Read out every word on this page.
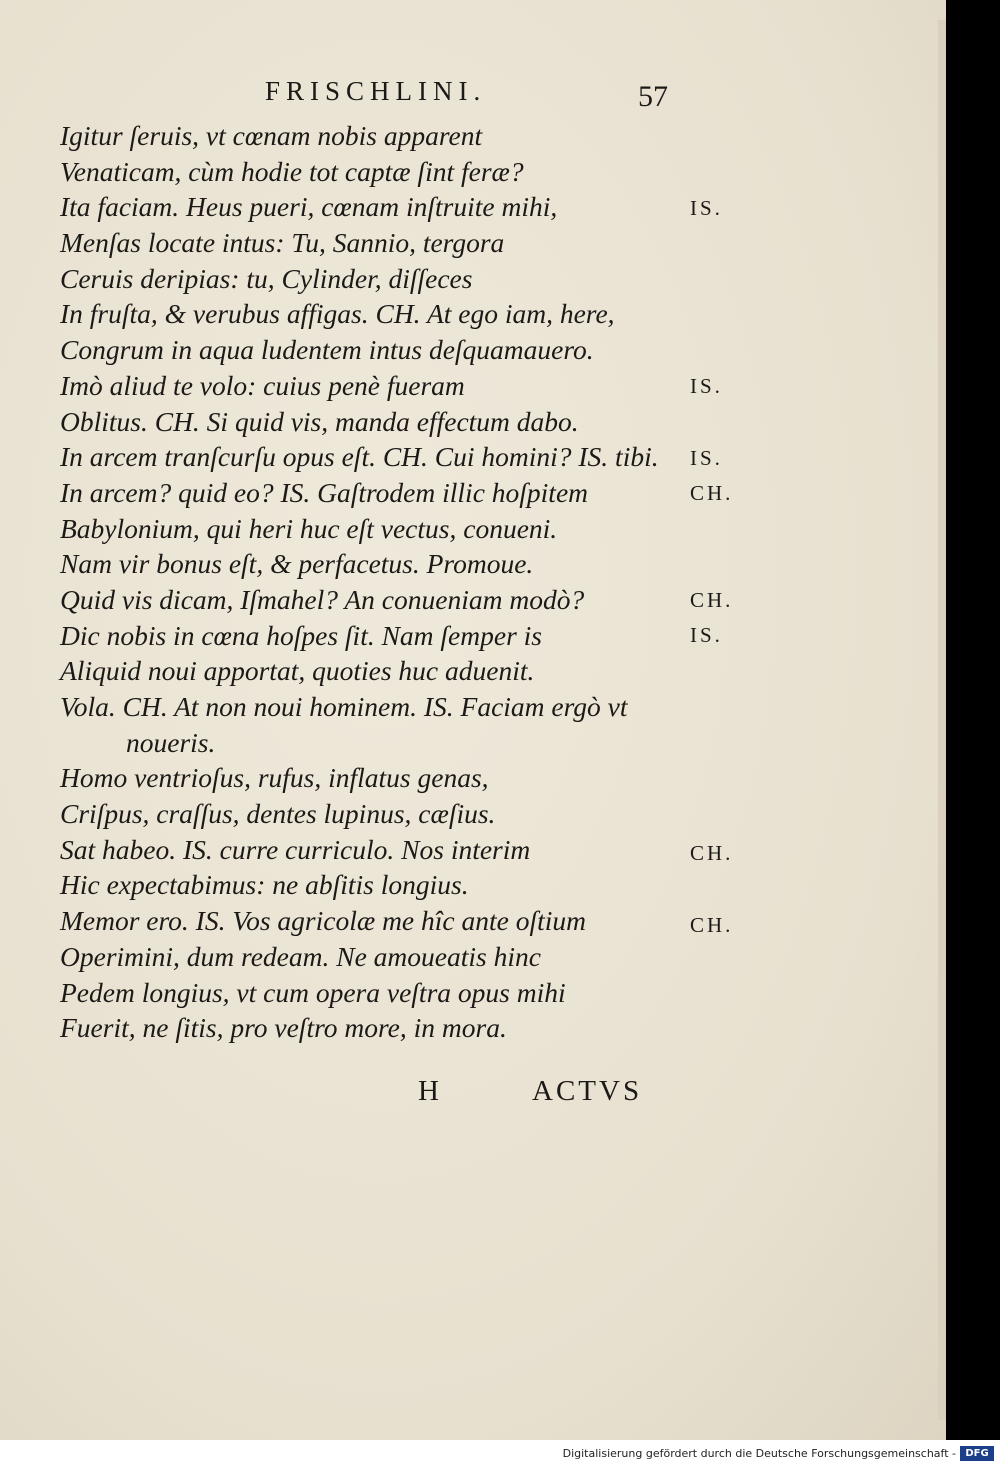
FRISCHLINI.	57
Igitur ſeruis, vt cœnam nobis apparent
Venaticam, cùm hodie tot captæ ſint feræ?
Ita faciam. Heus pueri, cœnam inſtruite mihi,
Menſas locate intus: Tu, Sannio, tergora
Ceruis deripias: tu, Cylinder, diſſeces
In fruſta, & verubus affigas. CH. At ego iam, here,
Congrum in aqua ludentem intus deſquamauero.
Imò aliud te volo: cuius penè fueram
Oblitus. CH. Si quid vis, manda effectum dabo.
In arcem tranſcurſu opus eſt. CH. Cui homini? IS. tibi.
In arcem? quid eo? IS. Gaſtrodem illic hoſpitem
Babylonium, qui heri huc eſt vectus, conueni.
Nam vir bonus eſt, & perfacetus. Promoue.
Quid vis dicam, Iſmahel? An conueniam modò?
Dic nobis in cœna hoſpes ſit. Nam ſemper is
Aliquid noui apportat, quoties huc aduenit.
Vola. CH. At non noui hominem. IS. Faciam ergò vt
noueris.
Homo ventrioſus, rufus, inflatus genas,
Criſpus, craſſus, dentes lupinus, cæſius.
Sat habeo. IS. curre curriculo. Nos interim
Hic expectabimus: ne abſitis longius.
Memor ero. IS. Vos agricolæ me hîc ante oſtium
Operimini, dum redeam. Ne amoueatis hinc
Pedem longius, vt cum opera veſtra opus mihi
Fuerit, ne ſitis, pro veſtro more, in mora.
IS.
IS.
IS.
CH.
CH.
IS.
CH.
CH.
H	ACTVS
Digitalisierung gefördert durch die Deutsche Forschungsgemeinschaft - DFG
